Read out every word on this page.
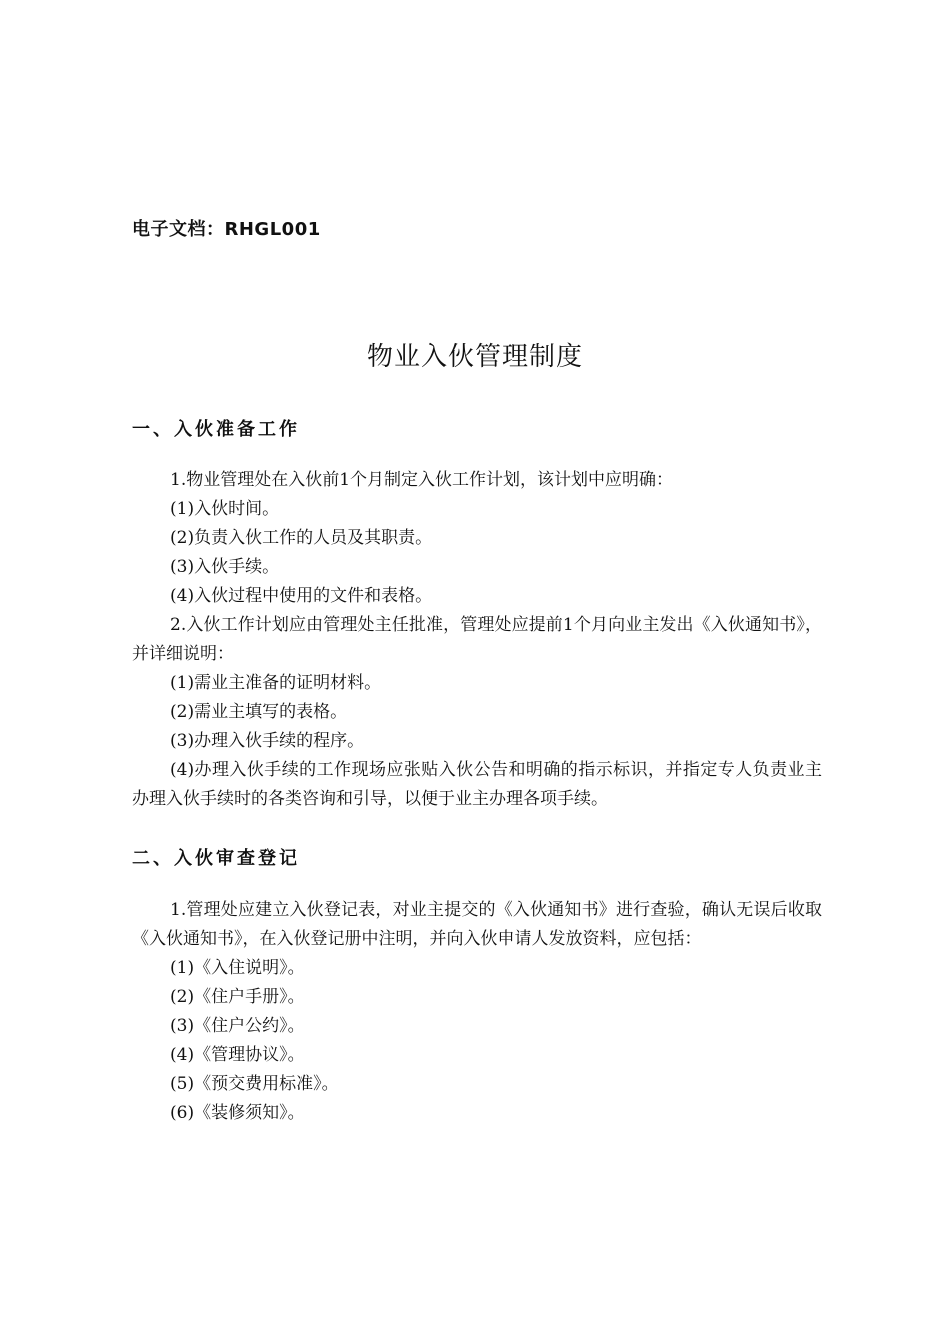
电子文档：RHGL001
物业入伙管理制度
一、入伙准备工作

1.物业管理处在入伙前1个月制定入伙工作计划，该计划中应明确：

(1)入伙时间。

(2)负责入伙工作的人员及其职责。

(3)入伙手续。

(4)入伙过程中使用的文件和表格。

2.入伙工作计划应由管理处主任批准，管理处应提前1个月向业主发出《入伙通知书》，并详细说明：

(1)需业主准备的证明材料。

(2)需业主填写的表格。

(3)办理入伙手续的程序。

(4)办理入伙手续的工作现场应张贴入伙公告和明确的指示标识，并指定专人负责业主办理入伙手续时的各类咨询和引导，以便于业主办理各项手续。

二、入伙审查登记

1.管理处应建立入伙登记表，对业主提交的《入伙通知书》进行查验，确认无误后收取《入伙通知书》，在入伙登记册中注明，并向入伙申请人发放资料，应包括：

(1)《入住说明》。

(2)《住户手册》。

(3)《住户公约》。

(4)《管理协议》。

(5)《预交费用标准》。

(6)《装修须知》。
